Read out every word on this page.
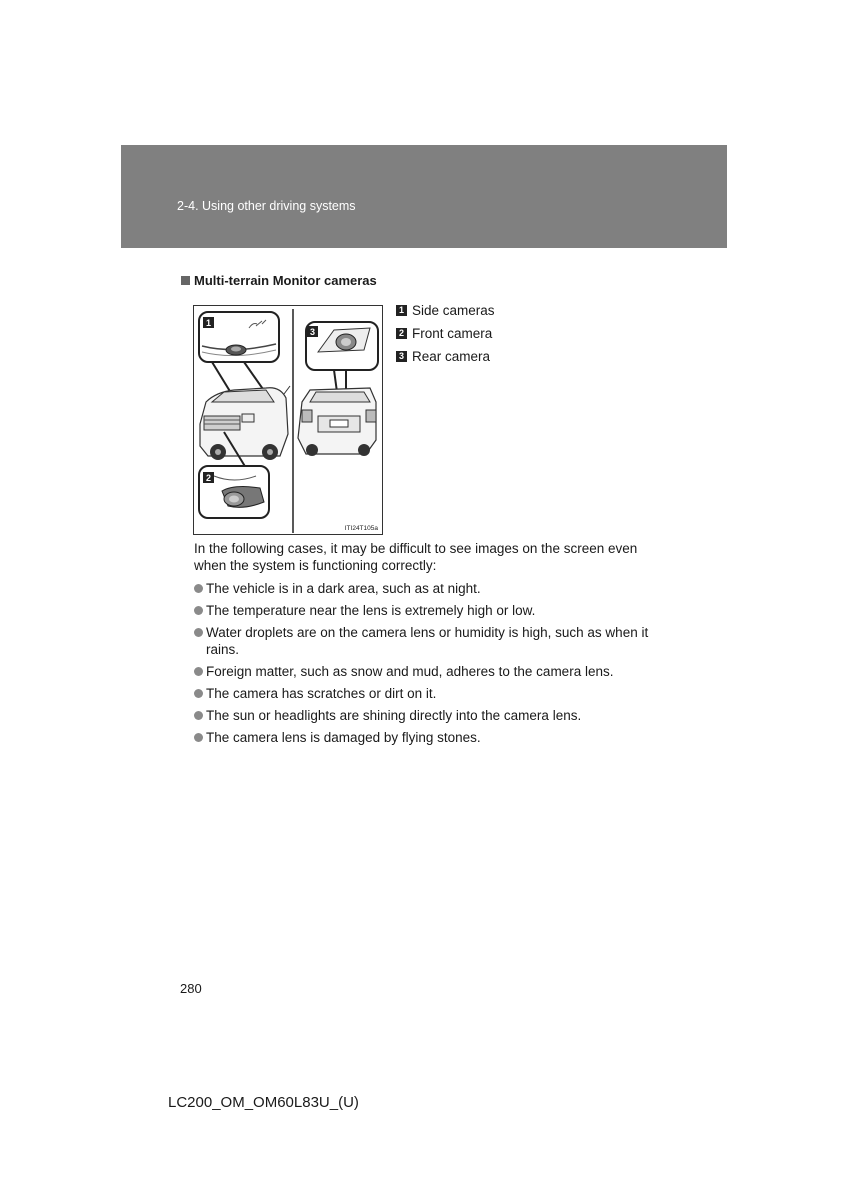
2-4. Using other driving systems
Multi-terrain Monitor cameras
1
2
3
ITI24T105a
1 Side cameras
2 Front camera
3 Rear camera
In the following cases, it may be difficult to see images on the screen even when the system is functioning correctly:
The vehicle is in a dark area, such as at night.
The temperature near the lens is extremely high or low.
Water droplets are on the camera lens or humidity is high, such as when it rains.
Foreign matter, such as snow and mud, adheres to the camera lens.
The camera has scratches or dirt on it.
The sun or headlights are shining directly into the camera lens.
The camera lens is damaged by flying stones.
280
LC200_OM_OM60L83U_(U)
